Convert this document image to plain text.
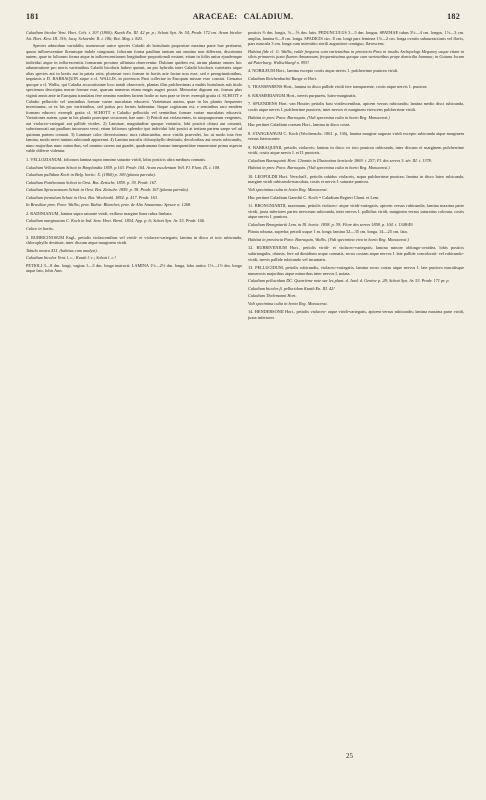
181	ARACEAE: CALADIUM.	182

Caladium bicolor Vent. Hort. Cels. t. 30? (1800); Kunth En. III. 42 pr. p.; Schott Syn. Ar. 54, Prodr. 172 cm. Arum bicolor Ait. Hort. Kew. III. 316; Jacq. Schoenbr. II. t. 186; Bot. Mag. t. 820.

Species admodum variabilis; numerosae unice species Caladii ab hortulanis propositae maxima parte hue pertinent, quum inflorescentiae florumque indole congruant, foliorum forma paullum tantum aut omnino non differant, discrimina autem, quae in foliorum forma atque in inflorescentiarum longitudine proportionali exstant, etiam in foliis unius ejusdemque individui atque in inflorescentiis formarum proxime affinium observentur. Dubium quidem est, utrum plantae omnes hoc adumeratione pro meris varietatibus Caladii bicoloris haberi queant, an pro hybridis inter Caladii bicoloris varietates atque alias species aut in hortis aut in patria ortis; plurimae vero formae in hortis arte factae non esse, sed e peregrinationibus, imprimis a D. BARRAQUIN atque a cl. WALLIS, in provincia Pará collectae in Europam missae esse constat. Censatur quoque a cl. Wallis, qui Caladia accuratissime loco natali observavit, plantas illas pulcherrimas a multis hortulanis sub titulo specierum descriptas merae formae esse, quarum numerus etiam magis augeri possit. Memoriae dignum est, formas plus viginti annis ante in Europam translatas fere omnino eandem faciem hodie ac tum prae se ferre; exempli gratia cl. SCHOTT e Caladio pellucido vel seminibus formae variae maculatas educavit. Varietatum autem, quae in his plantis frequenter inveniuntur, ut ex his pro varietatibus, sed potius pro formis habeantur. Itaque cogitarum est, e seminibus raro eandem formam educeri; exempli gratia cl. SCHOTT e Caladio pellucido vel seminibus formae variae maculatas educavit. Variationes autem, quae in his plantis praecipue occurrunt, hae sunt: 1) Petioli aut violascentes, in atropurpureum vergentes, aut violaceo-variegati aut pallide virides. 2) Laminae, magnitudine quoque variantis, lobi posticii obtusi aut rotunati, subrotruncati aut paullum introrsum versi; etiam foliorum splendor ipsi individui lobi postici at tertiam partem saepe vel ad quintam partem connati. 3) Laminae color diversissimus: mox rubiacundus, mox viridis praevalet, fac ut modo tota fere lamina, modo nervi tantum rubicundi appareant. 4) Lamina maculis chlorophyllo destitutis, decoloribus aut roseis rubicundis, nunc majoribus nunc minoribus, vel omnino carens aut guadet, quadrumana formae innequentitiae enumeratae prima aspectu valde differre videntur.

1. VELLOZIANUM, foliorum lamina supra omnino saturate viridi, lobis posticis ultra medium connatis.

Caladium Vellozianum Schott in Bonplandia 1859. p.163. Prodr. 164. Arum esculentum Vell. Fl. Flum. IX. t. 108.

Caladium pallidum Koch in Belg. hortic. X. (1860) p. 169 (planta parvula).

Caladium Purdieanum Schott in Oest. Bot. Zeitschr. 1859. p. 39. Prodr. 167.

Caladium Sprucaeanum Schott in Oest. Bot. Zeitschr. 1859. p. 38. Prodr. 167 (planta parvula).

Caladium formulum Schott in Oest. Bot. Wochenbl. 1854. p. 417. Prodr. 163.

In Brasiliae prov. Para: Wallis; prov. Bahia: Blanchet; prov. de Alto Amazonas: Spruce n. 1268.

2. RADINIANUM, lamina supra saturate viridi, exilimo margine linea rubra limbata.

Caladium marginatum C. Koch in Ind. Sem. Hort. Berol. 1854. App. p. 6; Schott Syn. Ar. 53, Prodr. 166.

Cultor in hortis.

3. RUBRICINOSUM Engl., petiolis violascentibus vel viridi- et violaceo-variegatis; lamina in disco et toto rubicunda, chlorophyllo destitute, inter discum atque marginem viridi.

Tabula nostra XLI. (habitus cum analysi).

Caladium bicolor Vent. l. c.; Kunth l. c.; Schott l. c.!

PETIOLI 3—8 dm. longi, vagina 1—3 dm. longa instructi; LAMINA 1½—2½ dm. longa, lobo antico 1½—1½ dm. longo atque lato, lobis Ann.

posticis ⅔ dm. longis, ⅛—⅙ dm. latis. PEDUNCULUS 3—5 dm. longus. SPATHAE tubus 3½—4 cm. longus, 1½—3 cm. amplus, lamina 6—8 cm. longa. SPADICIS circ. 8 cm. longi pars feminea 1½—2 cm. longa ovariis subaureactiaris vel flavis, pars mascula 3 cm. longa cum interstitio sterili augustiore contiguo, flavescens.

Habitat fide cl. G. Wallis, valde frequens cum varietatibus in provincia Para in insulis Archipelagi Megoney usque etiam in silvis primaevis juxta flumen Amazonum, frequentissima quoque cum varietatibus prope domicilia humana; in Guiana locum ad Paterburg: Wullschlaegl n. 993!

4. NOBILEUM Hort., lamina excepto costis atque nervis 1. pulcherrime punicea viridi.

Caladium Reichenbachii Bange et Hort.

5. TRANSPARENS Hort., lamina in disco pallide viridi fere transparente, costis atque nervis 1. punicea.

6. KRAMERIANUM Hort., nervis purpureis, luteo-marginatis.

7. SPLENDENS Hort. van Houtte; petiolis basi viridescentibus, apicem versus rubicundis; lamina medio disci rubicunda, costis atque nervis I. pulcherrime puniceis, inter nervos et marginem virescens pulcherrime viridi.

Habitat in prov. Para: Barraquin. (Vidi specimina culta in horto Reg. Monacensi.)

Huc pertinet Caladium roseum Hort., lamina in disco rosea.

8. STANGEANUM C. Koch (Wochenschr. 1861. p. 136), lamina margine augusto viridi excepto rubicunda atque marginem versus luteoscente.

9. BARRAQUINII, petiolis violaceis; lamina in disco ex toto punicea rubicunda, inter discum et marginem pulcherrime viridi, costis atque nervis I. et II. puniceis.

Caladium Barraquinii Hort. Chantin in Illustration horticole 1869. t. 257; Fl. des serres 3. sér. III. t. 1378.

Habitat in prov. Para: Barraquin. (Vidi specimina culta in horto Reg. Monacensi.)

10. LEOPOLDII Hort. Verschaff., petiolis rubidus violaceis, supra pulcherrime punicea; lamina in disco luteo rubicunda, margine viridi rubicundo-maculata, costis et nervis I. saturate punicea.

Vidi specimina culta in horto Reg. Monacensi.

Huc pertinet Caladium Gaerdtii C. Koch = Caladium Regieri Chant. et Lem.

11. BRONGNIARTII, maximum, petiolis violaceo- atque viridi-variegatis, apicem versus rubicundis; lamina maxima parte viridi, juxta inferiores partes nervorum rubicunda, inter nervos I. pallidius viridi, marginem versus saturatius colorata, costis atque nervis I. punicea.

Caladium Brongniartii Lem. in Ill. hortic. 1858. p. 59; Flore des serres 1858. p. 104. t. 1348/49.

Planta robusta, superba; petioli usque 1 m. longi; lamina 32—35 cm. longa, 14—25 cm. lata.

Habitat in provincia Para: Barraquin, Wallis. (Vidi specimina viva in horto Reg. Monacensi.)

12. RUBRIVENIUM Hort., petiolis viridi- et violaceo-variegatis; lamina minore oblongo-ovoidea, lobis posticis subtriangulis, obtusis, fere ad dimidium usque connatis, secus costam atque nervos I. late pallide concolorati- vel rubicundo-viridi, nervis pallide rubicundo vel incarnatis.

13. PELLUCIDUM, petiolis rubicundis, violaceo-variegatis, lamina secus costas atque nervos I. late puniceo maculisque numerosis majoribus atque minoribus inter nervos I. notata.

Caladium pellucidum DC. Quatrième note sur les plant. d. Jard. d. Genève p. 28; Schott Syn. Ar. 53. Prodr. 171 pr. p.

Caladium bicolor β. pellucidum Kunth En. III. 42!

Caladium Thelemanni Hort.

Vidi specimina culta in horto Reg. Monacensi.

14. HENDERSONII Hort., petiolis violaceo- atque viridi-variegatis, apicem versus rubicundis; lamina maxima parte viridi, juxta inferiores

25
